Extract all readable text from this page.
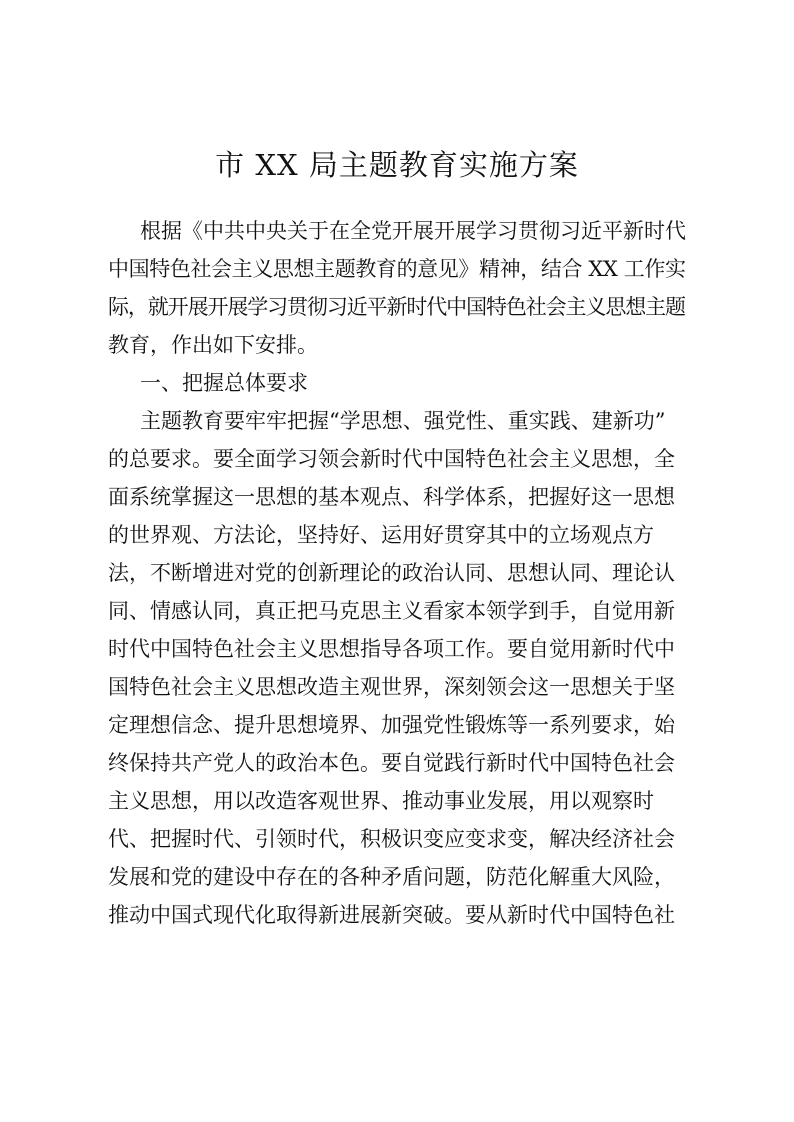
市 XX 局主题教育实施方案
根据《中共中央关于在全党开展开展学习贯彻习近平新时代
中国特色社会主义思想主题教育的意见》精神，结合 XX 工作实
际，就开展开展学习贯彻习近平新时代中国特色社会主义思想主题
教育，作出如下安排。
一、把握总体要求
主题教育要牢牢把握“学思想、强党性、重实践、建新功”
的总要求。要全面学习领会新时代中国特色社会主义思想，全
面系统掌握这一思想的基本观点、科学体系，把握好这一思想
的世界观、方法论，坚持好、运用好贯穿其中的立场观点方
法，不断增进对党的创新理论的政治认同、思想认同、理论认
同、情感认同，真正把马克思主义看家本领学到手，自觉用新
时代中国特色社会主义思想指导各项工作。要自觉用新时代中
国特色社会主义思想改造主观世界，深刻领会这一思想关于坚
定理想信念、提升思想境界、加强党性锻炼等一系列要求，始
终保持共产党人的政治本色。要自觉践行新时代中国特色社会
主义思想，用以改造客观世界、推动事业发展，用以观察时
代、把握时代、引领时代，积极识变应变求变，解决经济社会
发展和党的建设中存在的各种矛盾问题，防范化解重大风险，
推动中国式现代化取得新进展新突破。要从新时代中国特色社
